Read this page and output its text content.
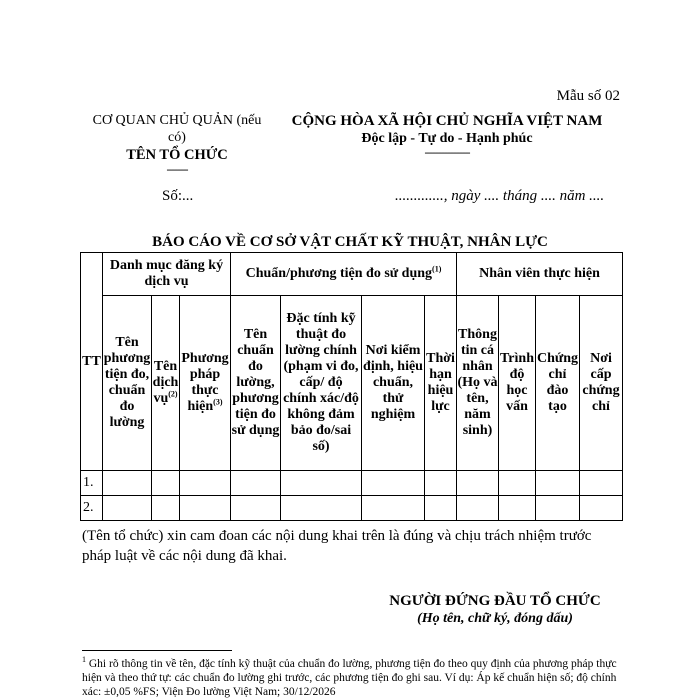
Mẫu số 02
CƠ QUAN CHỦ QUẢN (nếu có)
TÊN TỔ CHỨC
-------
CỘNG HÒA XÃ HỘI CHỦ NGHĨA VIỆT NAM
Độc lập - Tự do - Hạnh phúc
---------------
Số:...	............., ngày .... tháng .... năm ....
BÁO CÁO VỀ CƠ SỞ VẬT CHẤT KỸ THUẬT, NHÂN LỰC
TT	Danh mục đăng ký dịch vụ			Chuẩn/phương tiện đo sử dụng$^{(1)}$				Nhân viên thực hiện			
	Tên phương tiện đo, chuẩn đo lường	Tên dịch vụ$^{(2)}$	Phương pháp thực hiện$^{(3)}$	Tên chuẩn đo lường, phương tiện đo sử dụng	Đặc tính kỹ thuật đo lường chính (phạm vi đo, cấp/ độ chính xác/độ không đảm bảo đo/sai số)	Nơi kiểm định, hiệu chuẩn, thử nghiệm	Thời hạn hiệu lực	Thông tin cá nhân (Họ và tên, năm sinh)	Trình độ học vấn	Chứng chỉ đào tạo	Nơi cấp chứng chỉ
1.											
2.											
(Tên tổ chức) xin cam đoan các nội dung khai trên là đúng và chịu trách nhiệm trước pháp luật về các nội dung đã khai.
NGƯỜI ĐỨNG ĐẦU TỔ CHỨC
(Họ tên, chữ ký, đóng dấu)
$^1$ Ghi rõ thông tin về tên, đặc tính kỹ thuật của chuẩn đo lường, phương tiện đo theo quy định của phương pháp thực hiện và theo thứ tự: các chuẩn đo lường ghi trước, các phương tiện đo ghi sau. Ví dụ: Áp kế chuẩn hiện số; độ chính xác: ±0,05 %FS; Viện Đo lường Việt Nam; 30/12/2026
